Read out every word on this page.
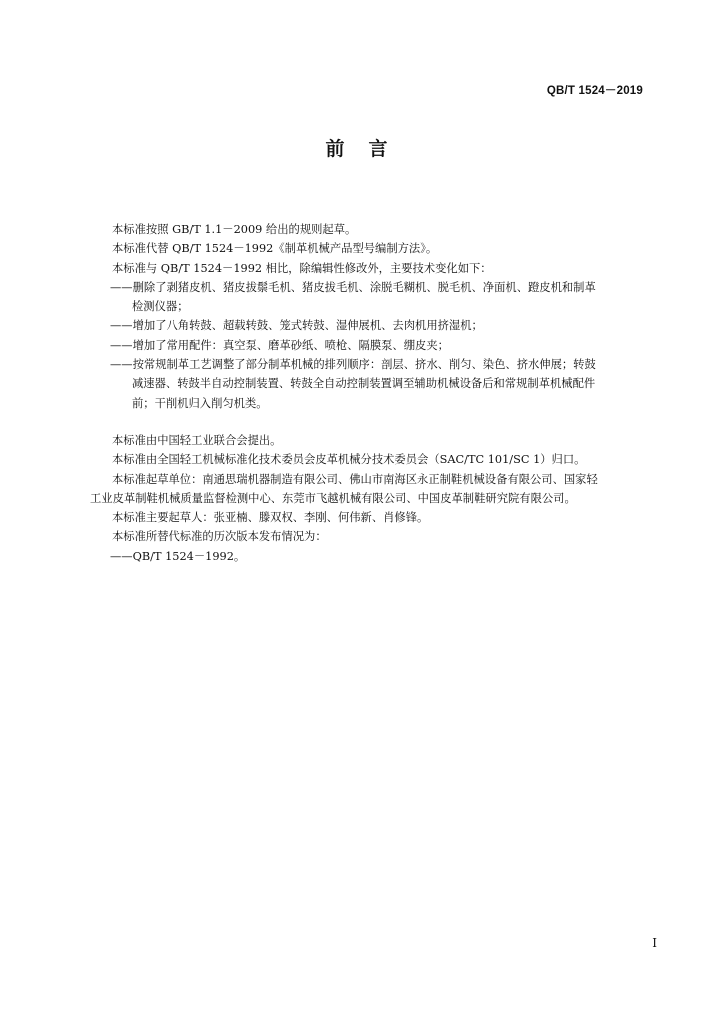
QB/T 1524－2019
前言

本标准按照 GB/T 1.1－2009 给出的规则起草。

本标准代替 QB/T 1524－1992《制革机械产品型号编制方法》。

本标准与 QB/T 1524－1992 相比，除编辑性修改外，主要技术变化如下：

——删除了剥猪皮机、猪皮拔鬃毛机、猪皮拔毛机、涂脱毛糊机、脱毛机、净面机、蹬皮机和制革
检测仪器；

——增加了八角转鼓、超载转鼓、笼式转鼓、湿伸展机、去肉机用挤湿机；

——增加了常用配件：真空泵、磨革砂纸、喷枪、隔膜泵、绷皮夹；

——按常规制革工艺调整了部分制革机械的排列顺序：剖层、挤水、削匀、染色、挤水伸展；转鼓
减速器、转鼓半自动控制装置、转鼓全自动控制装置调至辅助机械设备后和常规制革机械配件
前；干削机归入削匀机类。

本标准由中国轻工业联合会提出。

本标准由全国轻工机械标准化技术委员会皮革机械分技术委员会（SAC/TC 101/SC 1）归口。

本标准起草单位：南通思瑞机器制造有限公司、佛山市南海区永正制鞋机械设备有限公司、国家轻
工业皮革制鞋机械质量监督检测中心、东莞市飞越机械有限公司、中国皮革制鞋研究院有限公司。

本标准主要起草人：张亚楠、滕双权、李刚、何伟新、肖修锋。

本标准所替代标准的历次版本发布情况为：

——QB/T 1524－1992。

I
